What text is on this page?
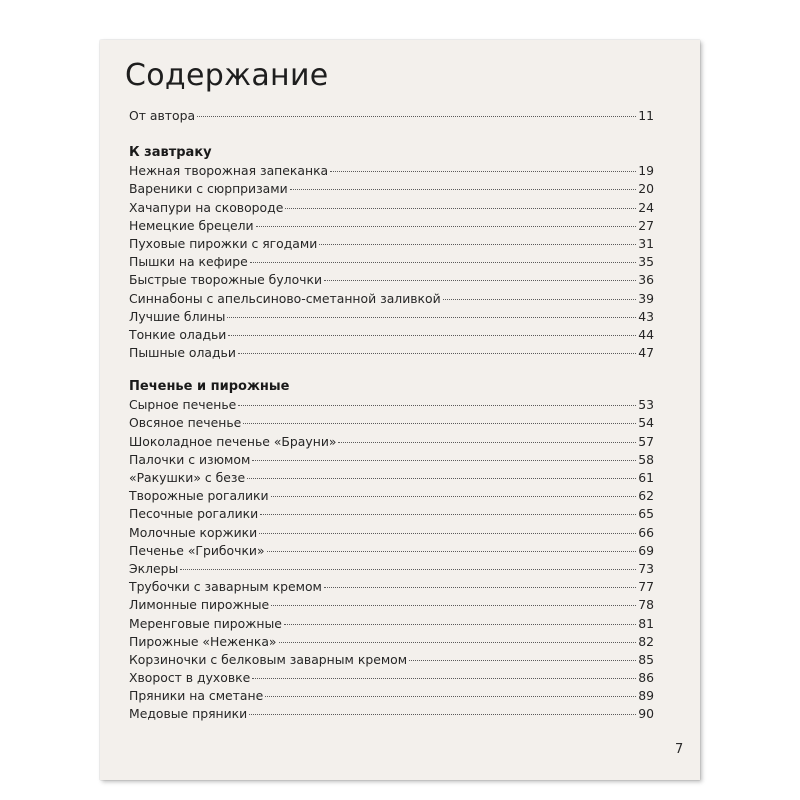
Содержание
От автора	11
К завтраку
Нежная творожная запеканка	19
Вареники с сюрпризами	20
Хачапури на сковороде	24
Немецкие брецели	27
Пуховые пирожки с ягодами	31
Пышки на кефире	35
Быстрые творожные булочки	36
Синнабоны с апельсиново-сметанной заливкой	39
Лучшие блины	43
Тонкие оладьи	44
Пышные оладьи	47
Печенье и пирожные
Сырное печенье	53
Овсяное печенье	54
Шоколадное печенье «Брауни»	57
Палочки с изюмом	58
«Ракушки» с безе	61
Творожные рогалики	62
Песочные рогалики	65
Молочные коржики	66
Печенье «Грибочки»	69
Эклеры	73
Трубочки с заварным кремом	77
Лимонные пирожные	78
Меренговые пирожные	81
Пирожные «Неженка»	82
Корзиночки с белковым заварным кремом	85
Хворост в духовке	86
Пряники на сметане	89
Медовые пряники	90
7
